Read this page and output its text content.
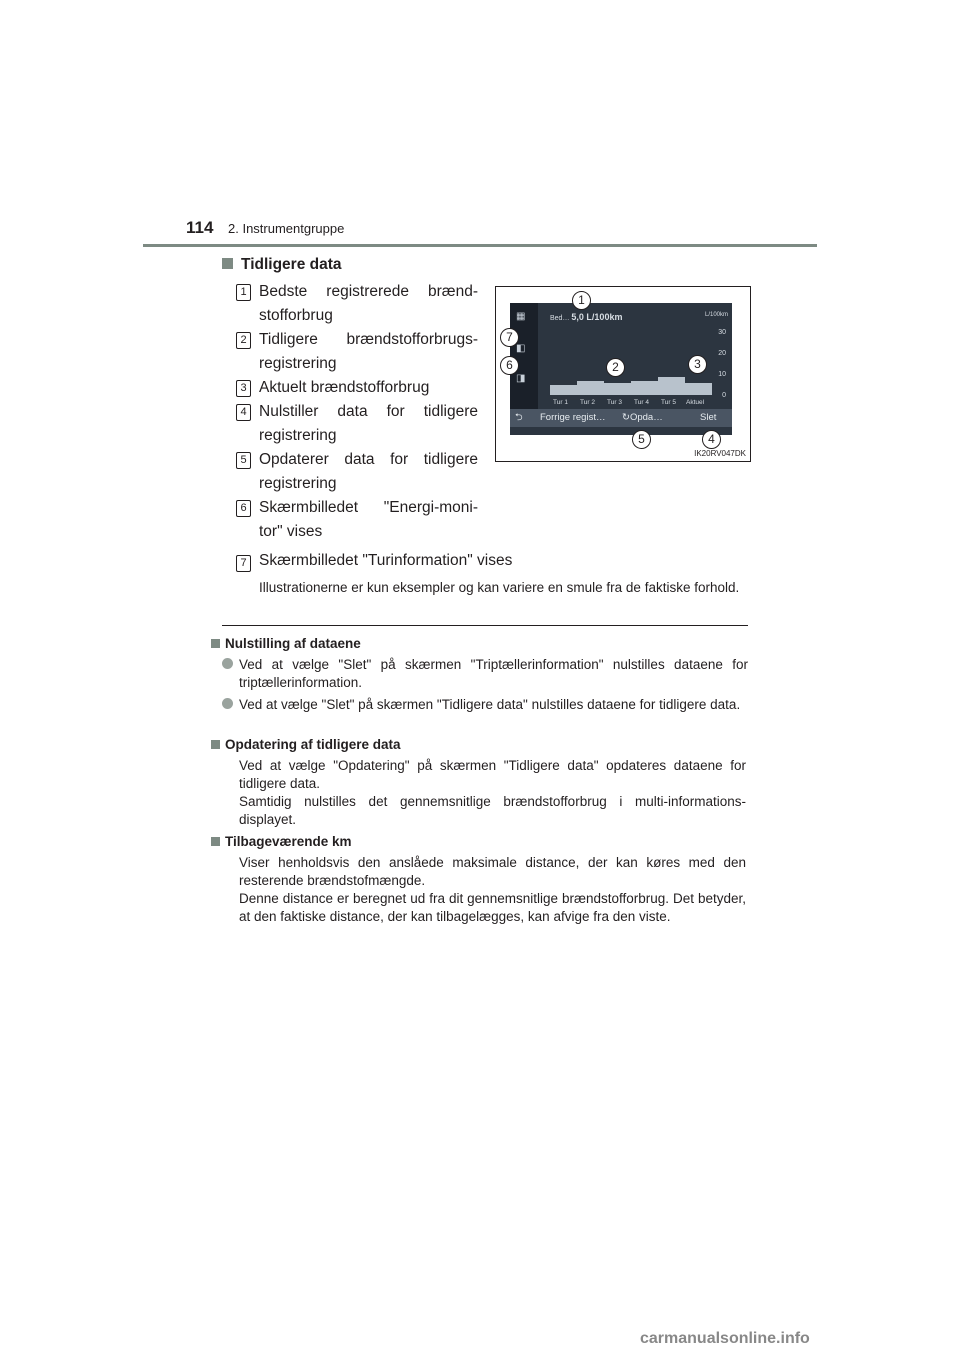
114 2. Instrumentgruppe
Tidligere data
1 Bedste registrerede brænd-stofforbrug
2 Tidligere brændstofforbrugs-registrering
3 Aktuelt brændstofforbrug
4 Nulstiller data for tidligere registrering
5 Opdaterer data for tidligere registrering
6 Skærmbilledet "Energi-moni-tor" vises
7 Skærmbilledet "Turinformation" vises
Illustrationerne er kun eksempler og kan variere en smule fra de faktiske forhold.
▦
◧
◨
Bed… 5,0 L/100km	L/100km
30
20
10
0
Tur 1 Tur 2 Tur 3 Tur 4 Tur 5 Aktuel
⮌ Forrige regist… ↻Opda…	Slet
1
2	3
4
5
6
7
IK20RV047DK
Nulstilling af dataene
Ved at vælge "Slet" på skærmen "Triptællerinformation" nulstilles dataene for triptællerinformation.
Ved at vælge "Slet" på skærmen "Tidligere data" nulstilles dataene for tidligere data.
Opdatering af tidligere data

Ved at vælge "Opdatering" på skærmen "Tidligere data" opdateres dataene for tidligere data.

Samtidig nulstilles det gennemsnitlige brændstofforbrug i multi-informations-displayet.

Tilbageværende km

Viser henholdsvis den anslåede maksimale distance, der kan køres med den resterende brændstofmængde.

Denne distance er beregnet ud fra dit gennemsnitlige brændstofforbrug. Det betyder, at den faktiske distance, der kan tilbagelægges, kan afvige fra den viste.

carmanualsonline.info
